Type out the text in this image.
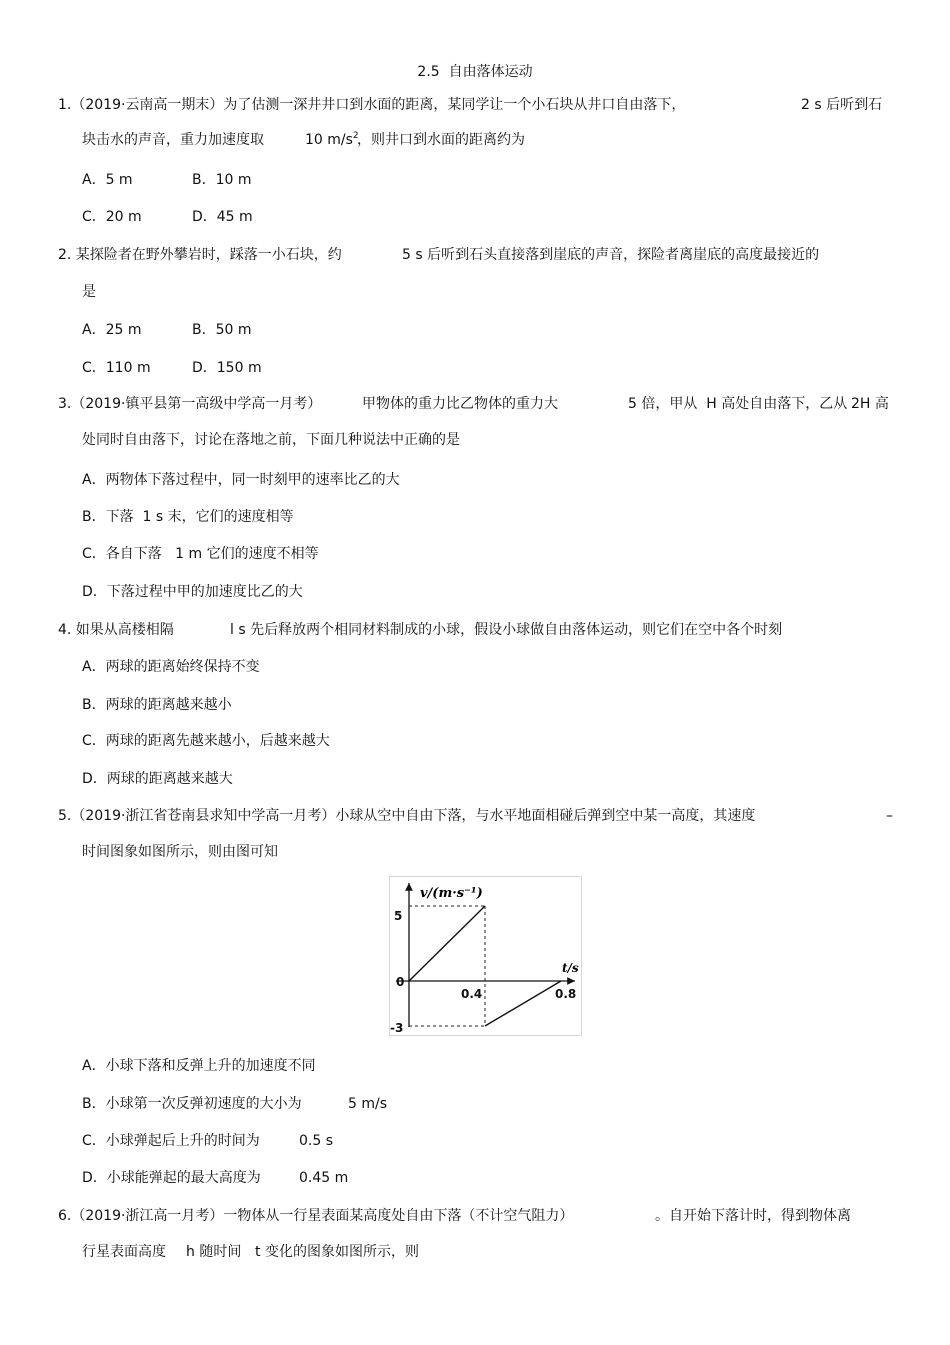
2.5  自由落体运动
1.（2019·云南高一期末）为了估测一深井井口到水面的距离，某同学让一个小石块从井口自由落下，	2 s 后听到石
块击水的声音，重力加速度取	10 $m/s^2$
，则井口到水面的距离约为
A．5 m	B．10 m
C．20 m	D．45 m
2. 某探险者在野外攀岩时，踩落一小石块，约	5 s 后听到石头直接落到崖底的声音，探险者离崖底的高度最接近的
是
A．25 m	B．50 m
C．110 m	D．150 m
3.（2019·镇平县第一高级中学高一月考）	甲物体的重力比乙物体的重力大	5 倍，甲从  H 高处自由落下，乙从 2H 高
处同时自由落下，讨论在落地之前，下面几种说法中正确的是
A．两物体下落过程中，同一时刻甲的速率比乙的大
B．下落  1 s 末，它们的速度相等
C．各自下落   1 m 它们的速度不相等
D．下落过程中甲的加速度比乙的大
4. 如果从高楼相隔	l s 先后释放两个相同材料制成的小球，假设小球做自由落体运动，则它们在空中各个时刻
A．两球的距离始终保持不变
B．两球的距离越来越小
C．两球的距离先越来越小，后越来越大
D．两球的距离越来越大
5.（2019·浙江省苍南县求知中学高一月考）小球从空中自由下落，与水平地面相碰后弹到空中某一高度，其速度	–
时间图象如图所示，则由图可知
5
0
-3
0.4	0.8
v/(m·s⁻¹)
t/s
A．小球下落和反弹上升的加速度不同
B．小球第一次反弹初速度的大小为	5 m/s
C．小球弹起后上升的时间为	0.5 s
D．小球能弹起的最大高度为	0.45 m
6.（2019·浙江高一月考）一物体从一行星表面某高度处自由下落（不计空气阻力）	。自开始下落计时，得到物体离
行星表面高度 h 随时间 t 变化的图象如图所示，则
